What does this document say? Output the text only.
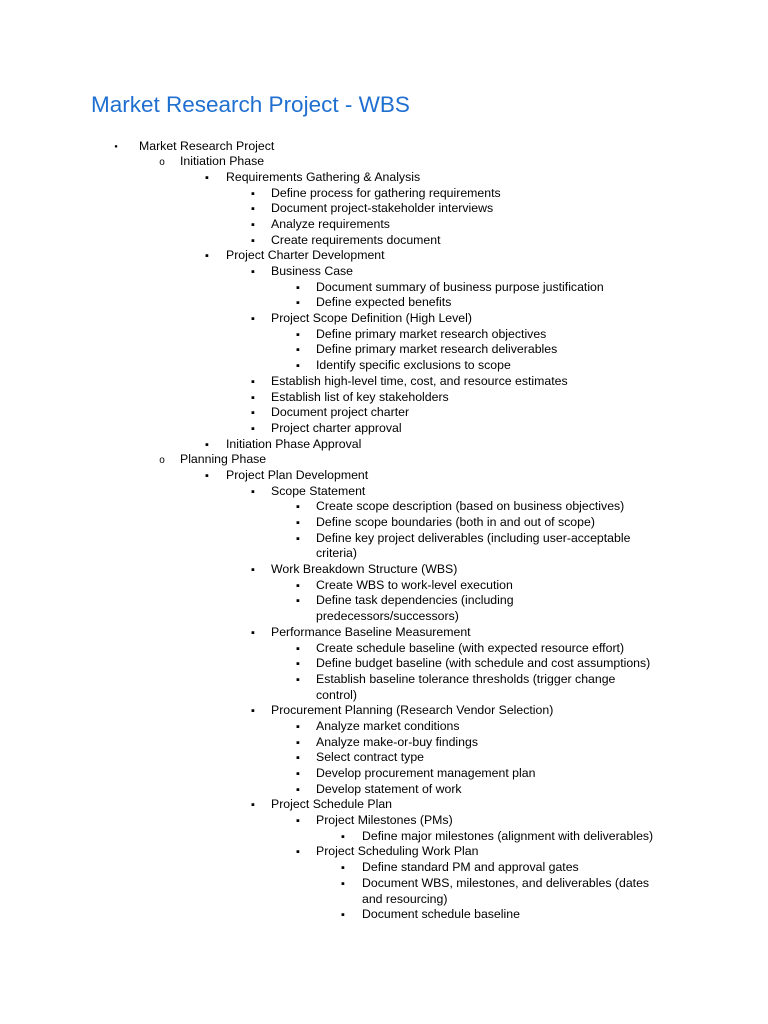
Market Research Project - WBS
●
Market Research Project
o
Initiation Phase
▪
Requirements Gathering & Analysis
▪
Define process for gathering requirements
▪
Document project-stakeholder interviews
▪
Analyze requirements
▪
Create requirements document
▪
Project Charter Development
▪
Business Case
▪
Document summary of business purpose justification
▪
Define expected benefits
▪
Project Scope Definition (High Level)
▪
Define primary market research objectives
▪
Define primary market research deliverables
▪
Identify specific exclusions to scope
▪
Establish high-level time, cost, and resource estimates
▪
Establish list of key stakeholders
▪
Document project charter
▪
Project charter approval
▪
Initiation Phase Approval
o
Planning Phase
▪
Project Plan Development
▪
Scope Statement
▪
Create scope description (based on business objectives)
▪
Define scope boundaries (both in and out of scope)
▪
Define key project deliverables (including user-acceptable
criteria)
▪
Work Breakdown Structure (WBS)
▪
Create WBS to work-level execution
▪
Define task dependencies (including
predecessors/successors)
▪
Performance Baseline Measurement
▪
Create schedule baseline (with expected resource effort)
▪
Define budget baseline (with schedule and cost assumptions)
▪
Establish baseline tolerance thresholds (trigger change
control)
▪
Procurement Planning (Research Vendor Selection)
▪
Analyze market conditions
▪
Analyze make-or-buy findings
▪
Select contract type
▪
Develop procurement management plan
▪
Develop statement of work
▪
Project Schedule Plan
▪
Project Milestones (PMs)
▪
Define major milestones (alignment with deliverables)
▪
Project Scheduling Work Plan
▪
Define standard PM and approval gates
▪
Document WBS, milestones, and deliverables (dates
and resourcing)
▪
Document schedule baseline
